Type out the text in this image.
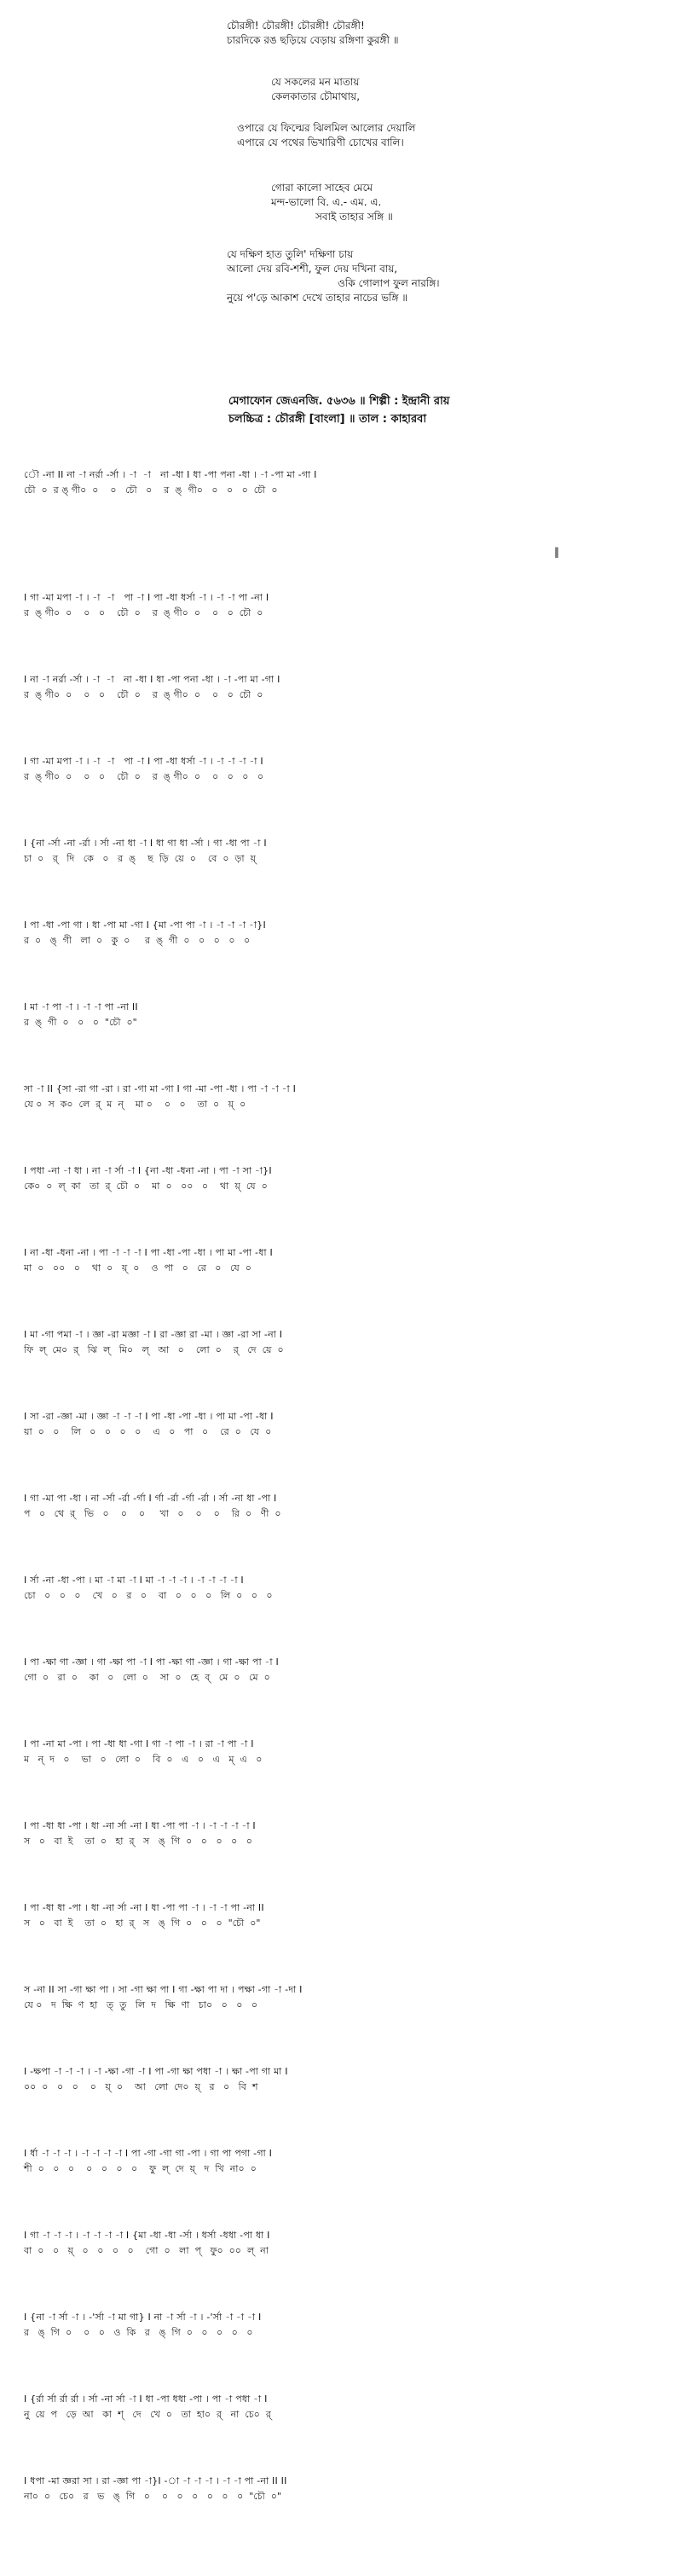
চৌরঙ্গী! চৌরঙ্গী! চৌরঙ্গী! চৌরঙ্গী!
চারদিকে রঙ ছড়িয়ে বেড়ায় রঙ্গিণা কুরঙ্গী ॥
যে সকলের মন মাতায়
কেলকাতার চৌমাথায়,
ওপারে যে ফিল্মের ঝিলমিল আলোর দেয়ালি
এপারে যে পথের ভিখারিণী চোখের বালি।
গোরা কালো সাহেব মেমে
মন্দ-ভালো বি. এ.- এম. এ.
সবাই তাহার সঙ্গি ॥
যে দক্ষিণ হাত তুলি' দক্ষিণা চায়
আলো দেয় রবি-শশী, ফুল দেয় দখিনা বায়,
ওকি গোলাপ ফুল নারঙ্গি।
নুয়ে প'ড়ে আকাশ দেখে তাহার নাচের ভঙ্গি ॥
মেগাফোন জেএনজি. ৫৬৩৬ ॥ শিল্পী : ইন্দ্রানী রায়
চলচ্চিত্র : চৌরঙ্গী [বাংলা] ॥ তাল : কাহারবা
‖
ৌ -না II না -া নর্রা -র্সা । -া  -া   না -ধা I ধা -পা পনা -ধা । -া -পা মা -গা I
চৌ  ০  র ঙ্ গী০  ০    ০   চৌ   ০    র  ঙ্  গী০   ০   ০   ০  চৌ  ০
I গা -মা মপা -া । -া  -া   পা -া I পা -ধা ধর্সা -া । -া -া পা -না I
র  ঙ্ গী০  ০    ০   ০    চৌ  ০    র  ঙ্ গী০  ০    ০   ০  চৌ  ০
I না -া নর্রা -র্সা । -া  -া   না -ধা I ধা -পা পনা -ধা । -া -পা মা -গা I
র  ঙ্ গী০  ০    ০   ০    চৌ  ০    র  ঙ্ গী০  ০    ০   ০  চৌ  ০
I গা -মা মপা -া । -া  -া   পা -া I পা -ধা ধর্সা -া । -া -া -া -া I
র  ঙ্ গী০  ০    ০   ০    চৌ  ০    র  ঙ্ গী০  ০    ০   ০   ০   ০
I {না -র্সা -না -র্রা । র্সা -না ধা -া I ধা গা ধা -র্সা । গা -ধা পা -া I
চা  ০   র্   দি   কে   ০   র  ঙ্    ছ  ড়ি  য়ে  ০    বে  ০  ড়া  য়্
I পা -ধা -পা গা । ধা -পা মা -গা I {মা -পা পা -া । -া -া -া -া}I
র  ০   ঙ্  গী   লা  ০   কু  ০     র  ঙ্  গী  ০   ০   ০   ০   ০
I মা -া পা -া । -া -া পা -না II
র  ঙ্  গী  ০   ০   ০  "চৌ  ০"
সা -া II {সা -রা গা -রা । রা -গা মা -গা I গা -মা -পা -ধা । পা -া -া -া I
যে ০  স  ক০  লে  র্  ম  ন্    মা ০    ০   ০    তা  ০   য়্  ০
I পধা -না -া ধা । না -া র্সা -া I {না -ধা -ধনা -না । পা -া সা -া}I
কে০  ০  ল্  কা   তা  র্  চৌ  ০    মা  ০   ০০   ০    থা  য়্  যে  ০
I না -ধা -ধনা -না । পা -া -া -া I পা -ধা -পা -ধা । পা মা -পা -ধা I
মা  ০   ০০   ০    থা  ০   য়্  ০    ও  পা   ০   রে   ০   যে  ০
I মা -গা পমা -া । জ্ঞা -রা মজ্ঞা -া I রা -জ্ঞা রা -মা । জ্ঞা -রা সা -না I
ফি  ল্  মে০  র্   ঝি  ল্   মি০   ল্   আ   ০    লো  ০    র্   দে  য়ে  ০
I সা -রা -জ্ঞা -মা । জ্ঞা -া -া -া I পা -ধা -পা -ধা । পা মা -পা -ধা I
য়া  ০   ০    লি   ০   ০   ০   ০    এ   ০   পা   ০    রে  ০   যে  ০
I গা -মা পা -ধা । না -র্সা -র্রা -র্গা I র্গা -র্রা -র্গা -র্রা । র্সা -না ধা -পা I
প   ০   থে  র্   ভি   ০    ০    ০     খা   ০    ০    ০    রি  ০   ণী  ০
I র্সা -না -ধা -পা । মা -া মা -া I মা -া -া -া । -া -া -া -া I
চো   ০   ০   ০    খে   ০   র   ০    বা   ০   ০   ০   লি  ০   ০   ০
I পা -ক্ষা গা -জ্ঞা । গা -ক্ষা পা -া I পা -ক্ষা গা -জ্ঞা । গা -ক্ষা পা -া I
গো  ০   রা  ০    কা   ০   লো  ০    সা  ০   হে  ব্   মে  ০   মে  ০
I পা -না মা -পা । পা -ধা ধা -গা I গা -া পা -া । রা -া পা -া I
ম   ন্  দ   ০    ভা   ০   লো  ০    বি  ০   এ   ০   এ   ম্  এ   ০
I পা -ধা ধা -পা । ধা -না র্সা -না I ধা -পা পা -া । -া -া -া -া I
স   ০   বা  ই    তা  ০   হা  র্   স   ঙ্  গি  ০   ০   ০   ০   ০
I পা -ধা ধা -পা । ধা -না র্সা -না I ধা -পা পা -া । -া -া পা -না II
স   ০   বা  ই    তা  ০   হা  র্   স   ঙ্  গি  ০   ০   ০  "চৌ  ০"
স -না II সা -গা ক্ষা পা । সা -গা ক্ষা পা I গা -ক্ষা পা দা । পক্ষা -গা -া -দা I
যে ০   দ  ক্ষি  ণ  হা   ত্  তু   লি  দ   ক্ষি  ণা   চা০   ০   ০   ০
I -ক্ষপা -া -া -া । -া -ক্ষা -গা -া I পা -গা ক্ষা পধা -া । ক্ষা -পা গা মা I
০০  ০   ০   ০    ০   য়্  ০    আ   লো  দে০  য়্   র   ০   বি  শ
I র্ধা -া -া -া । -া -া -া -া I পা -গা -গা গা -পা । গা পা পগা -গা I
শী  ০   ০   ০    ০   ০   ০   ০    ফু  ল্  দে  য়্   দ  খি  না০  ০
I গা -া -া -া । -া -া -া -া I {মা -ধা -ধা -র্সা । ধর্সা -ধধা -পা ধা I
বা  ০   ০   য়্   ০   ০   ০   ০    গো  ০   লা  প্   ফু০  ০০  ল্  না
I {না -া র্সা -া । -'র্সা -া মা গা} I না -া র্সা -া । -'র্সা -া -া -া I
র   ঙ্  গি  ০    ০   ০   ও  কি   র   ঙ্  গি  ০   ০   ০   ০   ০
I {র্রা র্সা র্রা র্রা । র্সা -না র্সা -া I ধা -পা ধধা -পা । পা -া পধা -া I
নু  য়ে  প   ড়ে  আ   কা  শ্   দে   খে  ০   তা  হা০  র্   না  চে০  র্
I ধপা -মা জ্ঞরা সা । রা -জ্ঞা পা -া}I -া -া -া -া । -া -া পা -না II II
না০  ০   চে০   র   ভ   ঙ্  গি   ০    ০   ০   ০   ০   ০   ০  "চৌ  ০"
